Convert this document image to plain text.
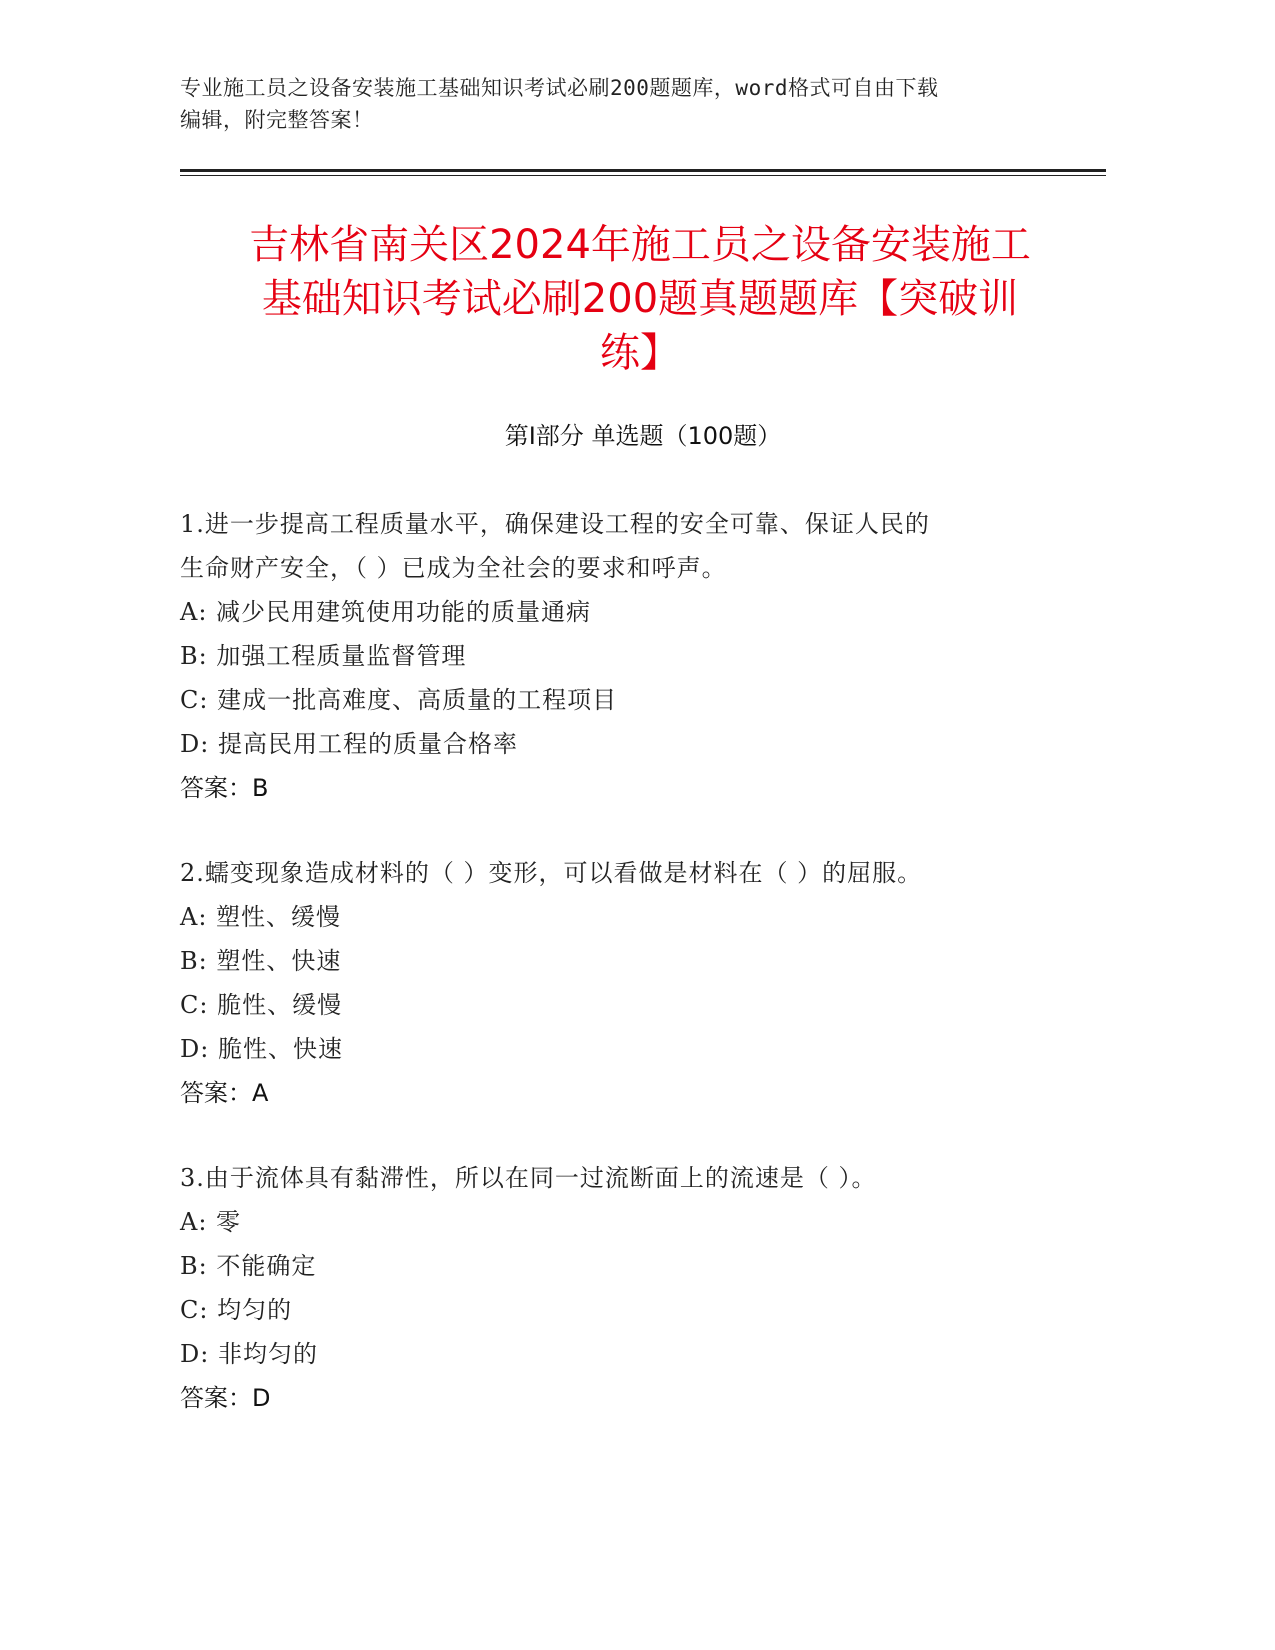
专业施工员之设备安装施工基础知识考试必刷200题题库，word格式可自由下载
编辑，附完整答案！
吉林省南关区2024年施工员之设备安装施工
基础知识考试必刷200题真题题库【突破训
练】
第Ⅰ部分 单选题（100题）
1.进一步提高工程质量水平，确保建设工程的安全可靠、保证人民的
生命财产安全，（ ）已成为全社会的要求和呼声。
A: 减少民用建筑使用功能的质量通病
B: 加强工程质量监督管理
C: 建成一批高难度、高质量的工程项目
D: 提高民用工程的质量合格率
答案：B
2.蠕变现象造成材料的（ ）变形，可以看做是材料在（ ）的屈服。
A: 塑性、缓慢
B: 塑性、快速
C: 脆性、缓慢
D: 脆性、快速
答案：A
3.由于流体具有黏滞性，所以在同一过流断面上的流速是（ ）。
A: 零
B: 不能确定
C: 均匀的
D: 非均匀的
答案：D
